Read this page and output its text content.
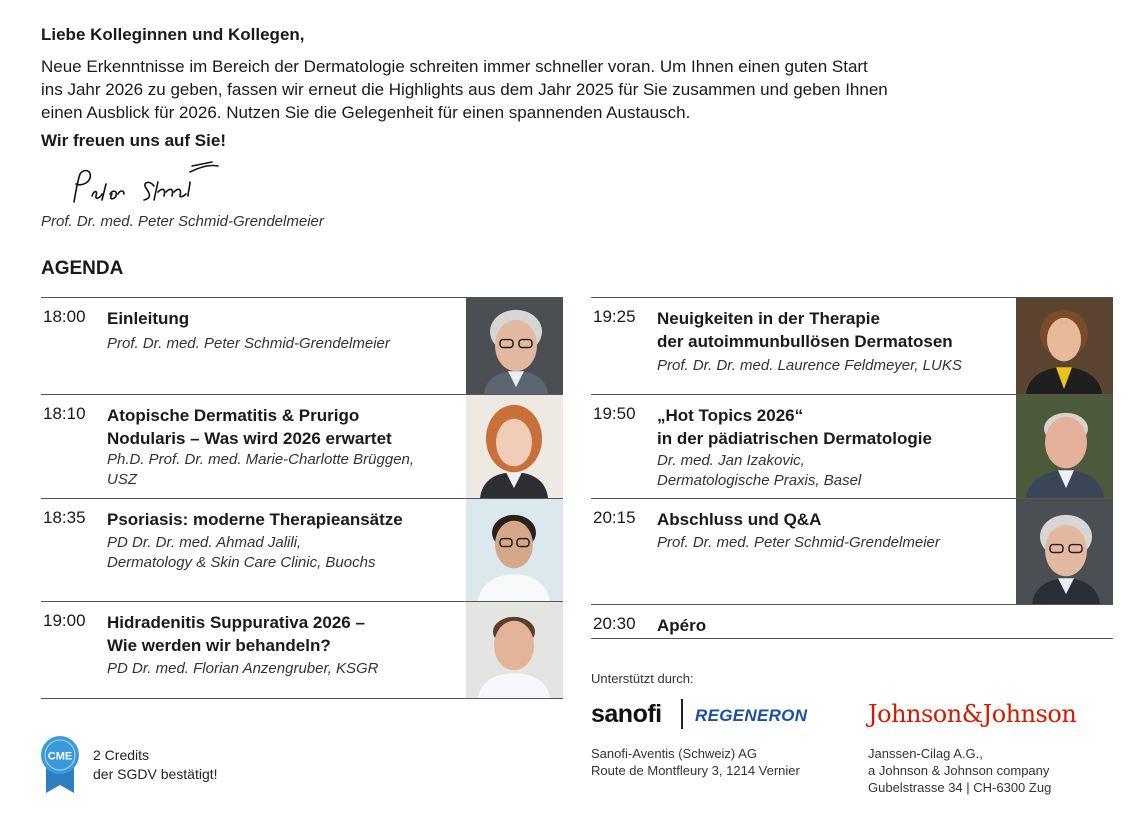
Liebe Kolleginnen und Kollegen,
Neue Erkenntnisse im Bereich der Dermatologie schreiten immer schneller voran. Um Ihnen einen guten Start
ins Jahr 2026 zu geben, fassen wir erneut die Highlights aus dem Jahr 2025 für Sie zusammen und geben Ihnen
einen Ausblick für 2026. Nutzen Sie die Gelegenheit für einen spannenden Austausch.
Wir freuen uns auf Sie!
Prof. Dr. med. Peter Schmid-Grendelmeier
AGENDA
18:00 Einleitung
Prof. Dr. med. Peter Schmid-Grendelmeier
18:10 Atopische Dermatitis & Prurigo
Nodularis – Was wird 2026 erwartet
Ph.D. Prof. Dr. med. Marie-Charlotte Brüggen,
USZ
18:35 Psoriasis: moderne Therapieansätze
PD Dr. Dr. med. Ahmad Jalili,
Dermatology & Skin Care Clinic, Buochs
19:00 Hidradenitis Suppurativa 2026 –
Wie werden wir behandeln?
PD Dr. med. Florian Anzengruber, KSGR
19:25 Neuigkeiten in der Therapie
der autoimmunbullösen Dermatosen
Prof. Dr. Dr. med. Laurence Feldmeyer, LUKS
19:50 „Hot Topics 2026“
in der pädiatrischen Dermatologie
Dr. med. Jan Izakovic,
Dermatologische Praxis, Basel
20:15 Abschluss und Q&A
Prof. Dr. med. Peter Schmid-Grendelmeier
20:30 Apéro
Unterstützt durch:
sanofi REGENERON	Johnson&Johnson
Sanofi-Aventis (Schweiz) AG
Route de Montfleury 3, 1214 Vernier
Janssen-Cilag A.G.,
a Johnson & Johnson company
Gubelstrasse 34 | CH-6300 Zug
CME 2 Credits
der SGDV bestätigt!
